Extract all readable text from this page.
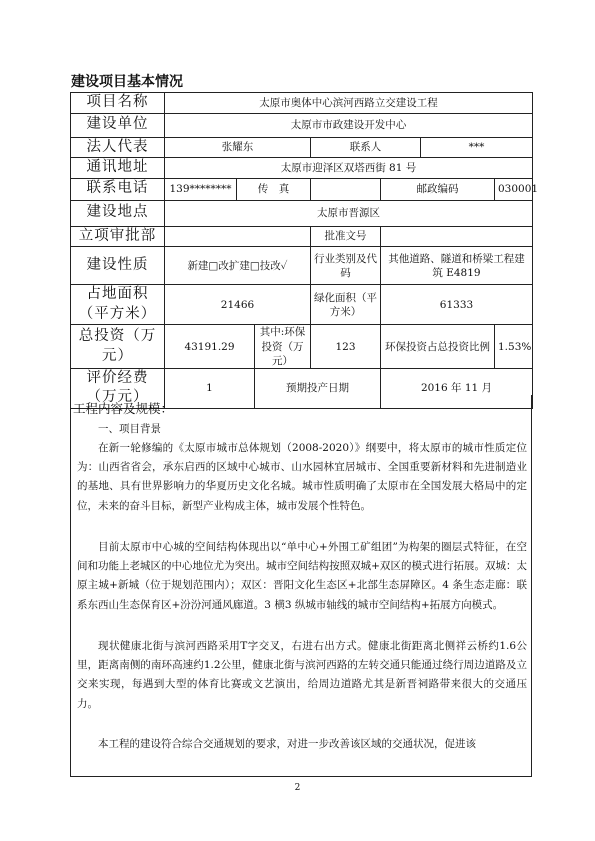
建设项目基本情况
项目名称	太原市奥体中心滨河西路立交建设工程						
建设单位	太原市市政建设开发中心						
法人代表	张耀东			联系人		***	
通讯地址	太原市迎泽区双塔西街 81 号						
联系电话	139********	传　真			邮政编码		030001
建设地点	太原市晋源区						
立项审批部				批准文号			
建设性质	新建□改扩建□技改✓			行业类别及代码	其他道路、隧道和桥梁工程建筑 E4819		
占地面积（平方米）	21466			绿化面积（平方米）	61333		
总投资（万元）	43191.29		其中:环保投资（万元）	123	环保投资占总投资比例		1.53%
评价经费（万元）	1		预期投产日期		2016 年 11 月		
工程内容及规模：

一、项目背景

在新一轮修编的《太原市城市总体规划（2008-2020）》纲要中，将太原市的城市性质定位为：山西省省会，承东启西的区域中心城市、山水园林宜居城市、全国重要新材料和先进制造业的基地、具有世界影响力的华夏历史文化名城。城市性质明确了太原市在全国发展大格局中的定位，未来的奋斗目标，新型产业构成主体，城市发展个性特色。

目前太原市中心城的空间结构体现出以“单中心+外围工矿组团”为构架的圈层式特征，在空间和功能上老城区的中心地位尤为突出。城市空间结构按照双城+双区的模式进行拓展。双城：太原主城+新城（位于规划范围内）；双区：晋阳文化生态区+北部生态屏障区。4 条生态走廊：联系东西山生态保育区+汾汾河通风廊道。3 横3 纵城市轴线的城市空间结构+拓展方向模式。

现状健康北街与滨河西路采用T字交叉，右进右出方式。健康北街距离北侧祥云桥约1.6公里，距离南侧的南环高速约1.2公里，健康北街与滨河西路的左转交通只能通过绕行周边道路及立交来实现，每遇到大型的体育比赛或文艺演出，给周边道路尤其是新晋祠路带来很大的交通压力。

本工程的建设符合综合交通规划的要求，对进一步改善该区域的交通状况，促进该

2
